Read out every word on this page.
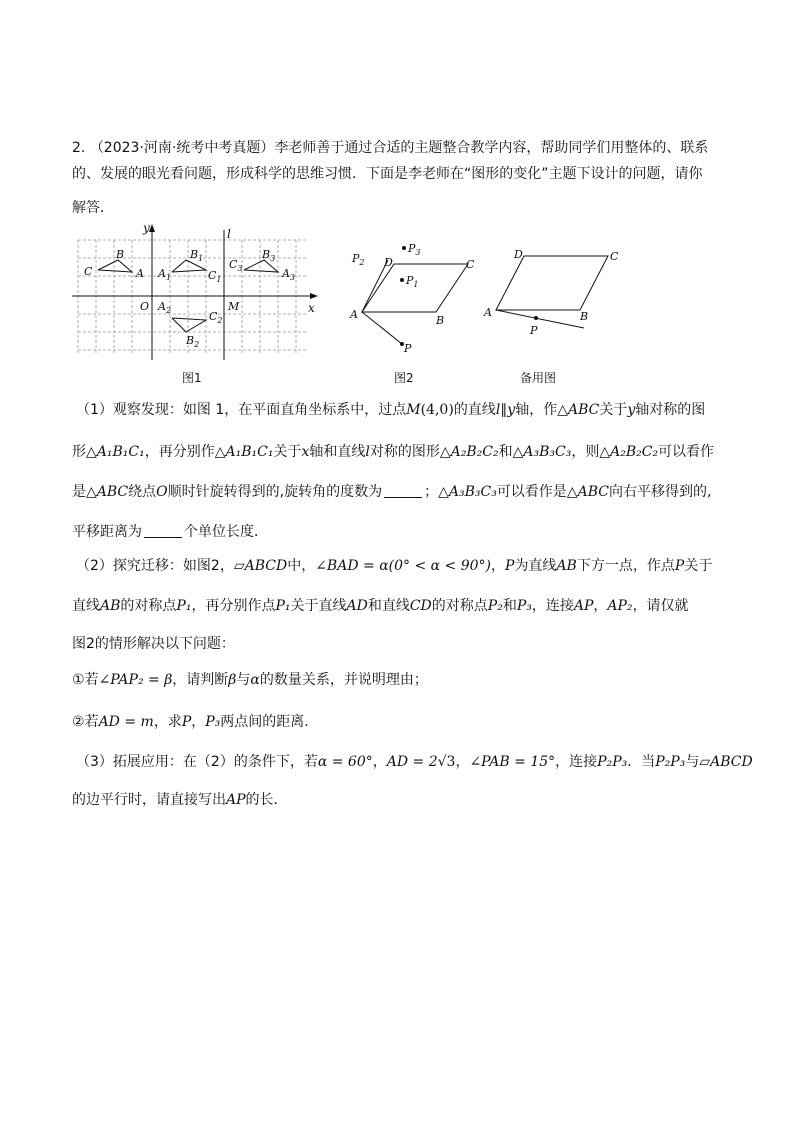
2. （2023·河南·统考中考真题）李老师善于通过合适的主题整合教学内容，帮助同学们用整体的、联系
的、发展的眼光看问题，形成科学的思维习惯．下面是李老师在“图形的变化”主题下设计的问题，请你
解答．
y	l
x
O	M
C
B
A $A_1$
$B_1$
$C_1$
$A_2$	$C_2$
$B_2$
$C_3$
$B_3$
$A_3$
图1
A	B
C
D
P
$P_1$
$P_2$
$P_3$
图2
A	B
C
D
P
备用图
（1）观察发现：如图 1，在平面直角坐标系中，过点M(4,0)的直线l∥y轴，作△ABC关于y轴对称的图
形△A₁B₁C₁，再分别作△A₁B₁C₁关于x轴和直线l对称的图形△A₂B₂C₂和△A₃B₃C₃，则△A₂B₂C₂可以看作
是△ABC绕点O顺时针旋转得到的,旋转角的度数为	；△A₃B₃C₃可以看作是△ABC向右平移得到的,
平移距离为	个单位长度．
（2）探究迁移：如图2，▱ABCD中，∠BAD = α(0° < α < 90°)，P为直线AB下方一点，作点P关于
直线AB的对称点P₁，再分别作点P₁关于直线AD和直线CD的对称点P₂和P₃，连接AP，AP₂，请仅就
图2的情形解决以下问题：
①若∠PAP₂ = β，请判断β与α的数量关系，并说明理由；
②若AD = m，求P，P₃两点间的距离．
（3）拓展应用：在（2）的条件下，若α = 60°，AD = 2√3，∠PAB = 15°，连接P₂P₃．当P₂P₃与▱ABCD
的边平行时，请直接写出AP的长．
